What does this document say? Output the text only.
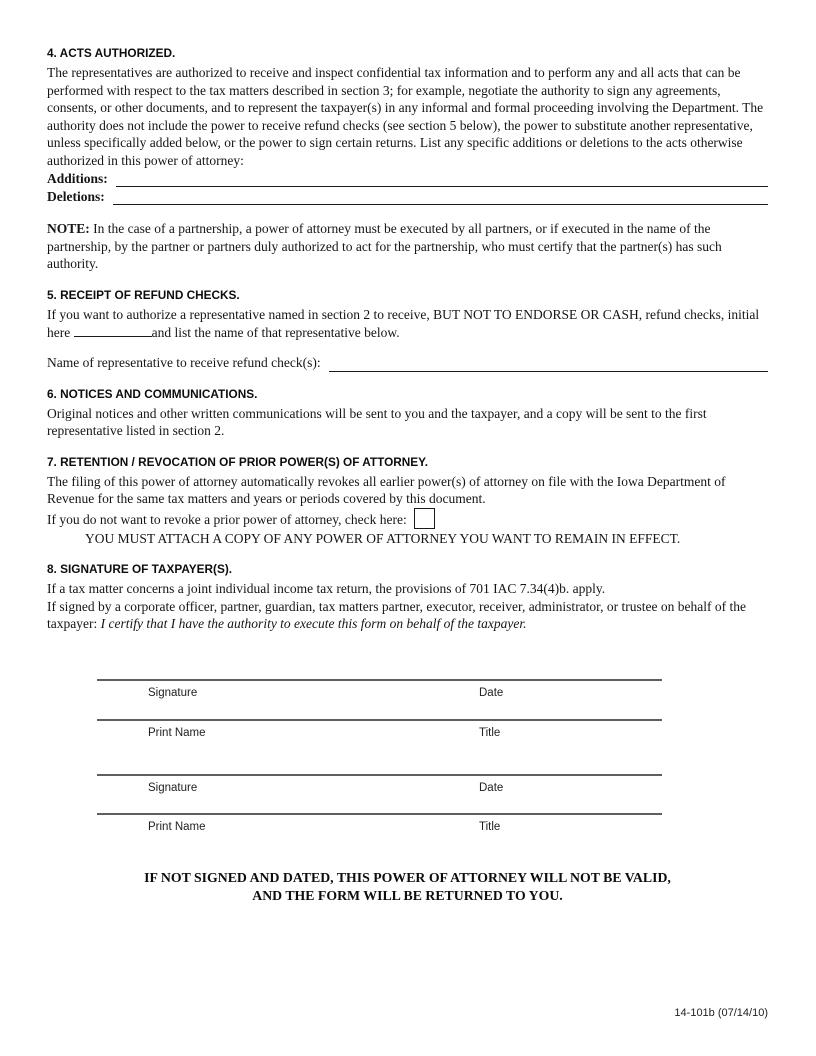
4. ACTS AUTHORIZED.

The representatives are authorized to receive and inspect confidential tax information and to perform any and all acts that can be performed with respect to the tax matters described in section 3; for example, negotiate the authority to sign any agreements, consents, or other documents, and to represent the taxpayer(s) in any informal and formal proceeding involving the Department. The authority does not include the power to receive refund checks (see section 5 below), the power to substitute another representative, unless specifically added below, or the power to sign certain returns. List any specific additions or deletions to the acts otherwise authorized in this power of attorney:

Additions:
Deletions:

NOTE: In the case of a partnership, a power of attorney must be executed by all partners, or if executed in the name of the partnership, by the partner or partners duly authorized to act for the partnership, who must certify that the partner(s) has such authority.

5. RECEIPT OF REFUND CHECKS.

If you want to authorize a representative named in section 2 to receive, BUT NOT TO ENDORSE OR CASH, refund checks, initial here	and list the name of that representative below.

Name of representative to receive refund check(s):
6. NOTICES AND COMMUNICATIONS.

Original notices and other written communications will be sent to you and the taxpayer, and a copy will be sent to the first representative listed in section 2.

7. RETENTION / REVOCATION OF PRIOR POWER(S) OF ATTORNEY.

The filing of this power of attorney automatically revokes all earlier power(s) of attorney on file with the Iowa Department of Revenue for the same tax matters and years or periods covered by this document.

If you do not want to revoke a prior power of attorney, check here:

YOU MUST ATTACH A COPY OF ANY POWER OF ATTORNEY YOU WANT TO REMAIN IN EFFECT.

8. SIGNATURE OF TAXPAYER(S).

If a tax matter concerns a joint individual income tax return, the provisions of 701 IAC 7.34(4)b. apply.

If signed by a corporate officer, partner, guardian, tax matters partner, executor, receiver, administrator, or trustee on behalf of the taxpayer: I certify that I have the authority to execute this form on behalf of the taxpayer.

Signature	Date
Print Name	Title
Signature	Date
Print Name	Title
IF NOT SIGNED AND DATED, THIS POWER OF ATTORNEY WILL NOT BE VALID,
AND THE FORM WILL BE RETURNED TO YOU.
14-101b (07/14/10)
